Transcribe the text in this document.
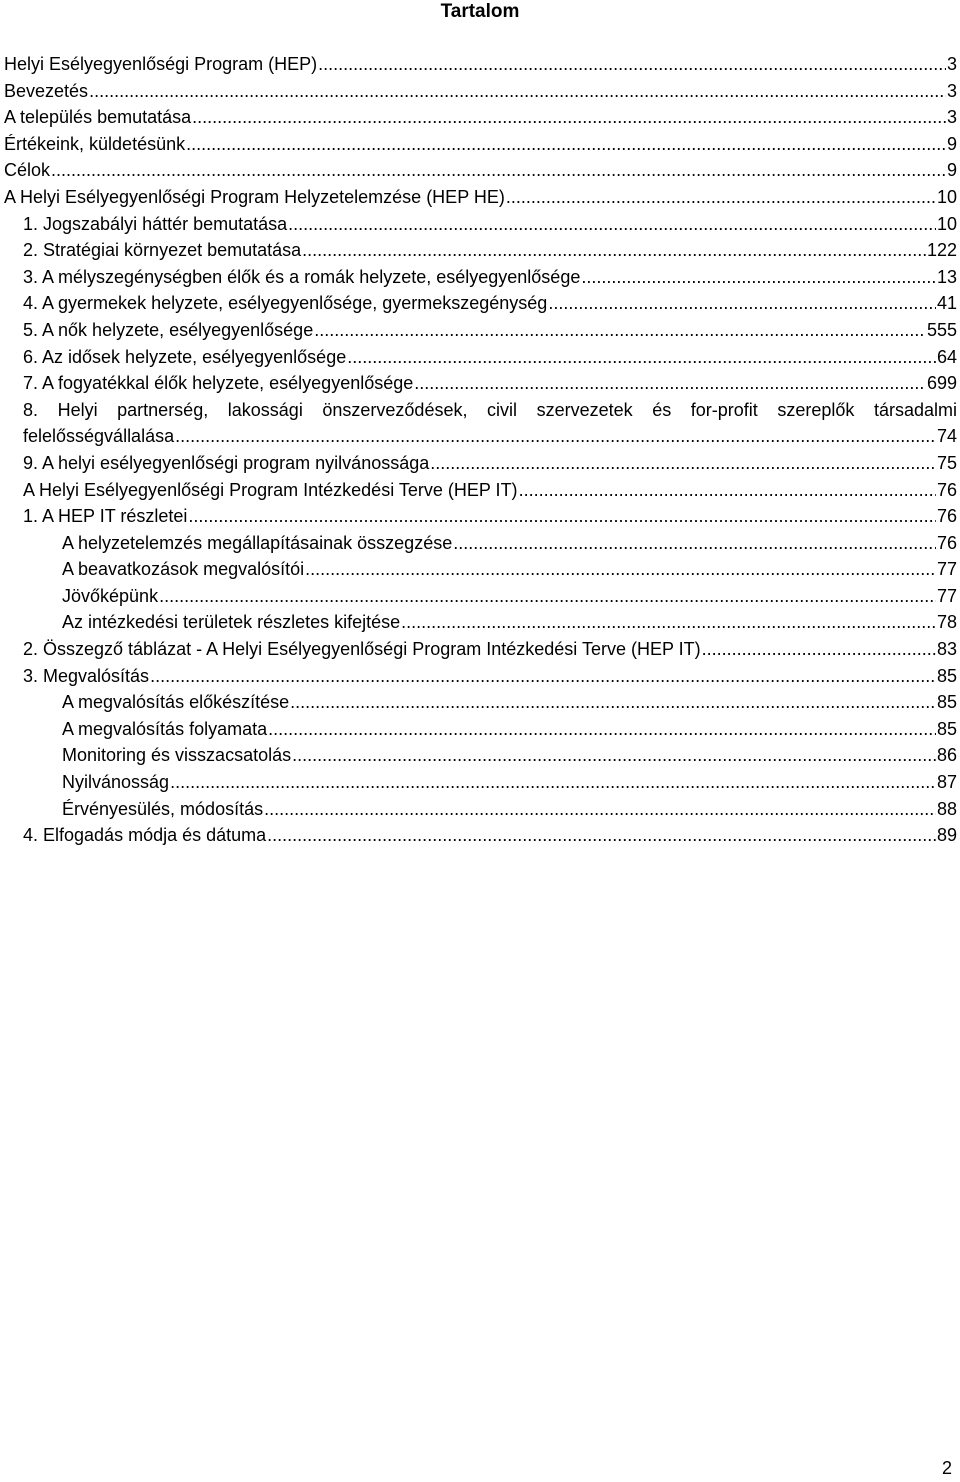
Tartalom
Helyi Esélyegyenlőségi Program (HEP) .....	3
Bevezetés .....	3
A település bemutatása .....	3
Értékeink, küldetésünk .....	9
Célok .....	9
A Helyi Esélyegyenlőségi Program Helyzetelemzése (HEP HE) .....	10
1. Jogszabályi háttér bemutatása .....	10
2. Stratégiai környezet bemutatása .....	122
3. A mélyszegénységben élők és a romák helyzete, esélyegyenlősége .....	13
4. A gyermekek helyzete, esélyegyenlősége, gyermekszegénység .....	41
5. A nők helyzete, esélyegyenlősége .....	555
6. Az idősek helyzete, esélyegyenlősége .....	64
7. A fogyatékkal élők helyzete, esélyegyenlősége .....	699
8. Helyi partnerség, lakossági önszerveződések, civil szervezetek és for-profit szereplők társadalmi
felelősségvállalása .....	74
9. A helyi esélyegyenlőségi program nyilvánossága .....	75
A Helyi Esélyegyenlőségi Program Intézkedési Terve (HEP IT) .....	76
1. A HEP IT részletei .....	76
A helyzetelemzés megállapításainak összegzése .....	76
A beavatkozások megvalósítói .....	77
Jövőképünk .....	77
Az intézkedési területek részletes kifejtése .....	78
2. Összegző táblázat - A Helyi Esélyegyenlőségi Program Intézkedési Terve (HEP IT) .....	83
3. Megvalósítás .....	85
A megvalósítás előkészítése .....	85
A megvalósítás folyamata .....	85
Monitoring és visszacsatolás .....	86
Nyilvánosság .....	87
Érvényesülés, módosítás .....	88
4. Elfogadás módja és dátuma .....	89
2
